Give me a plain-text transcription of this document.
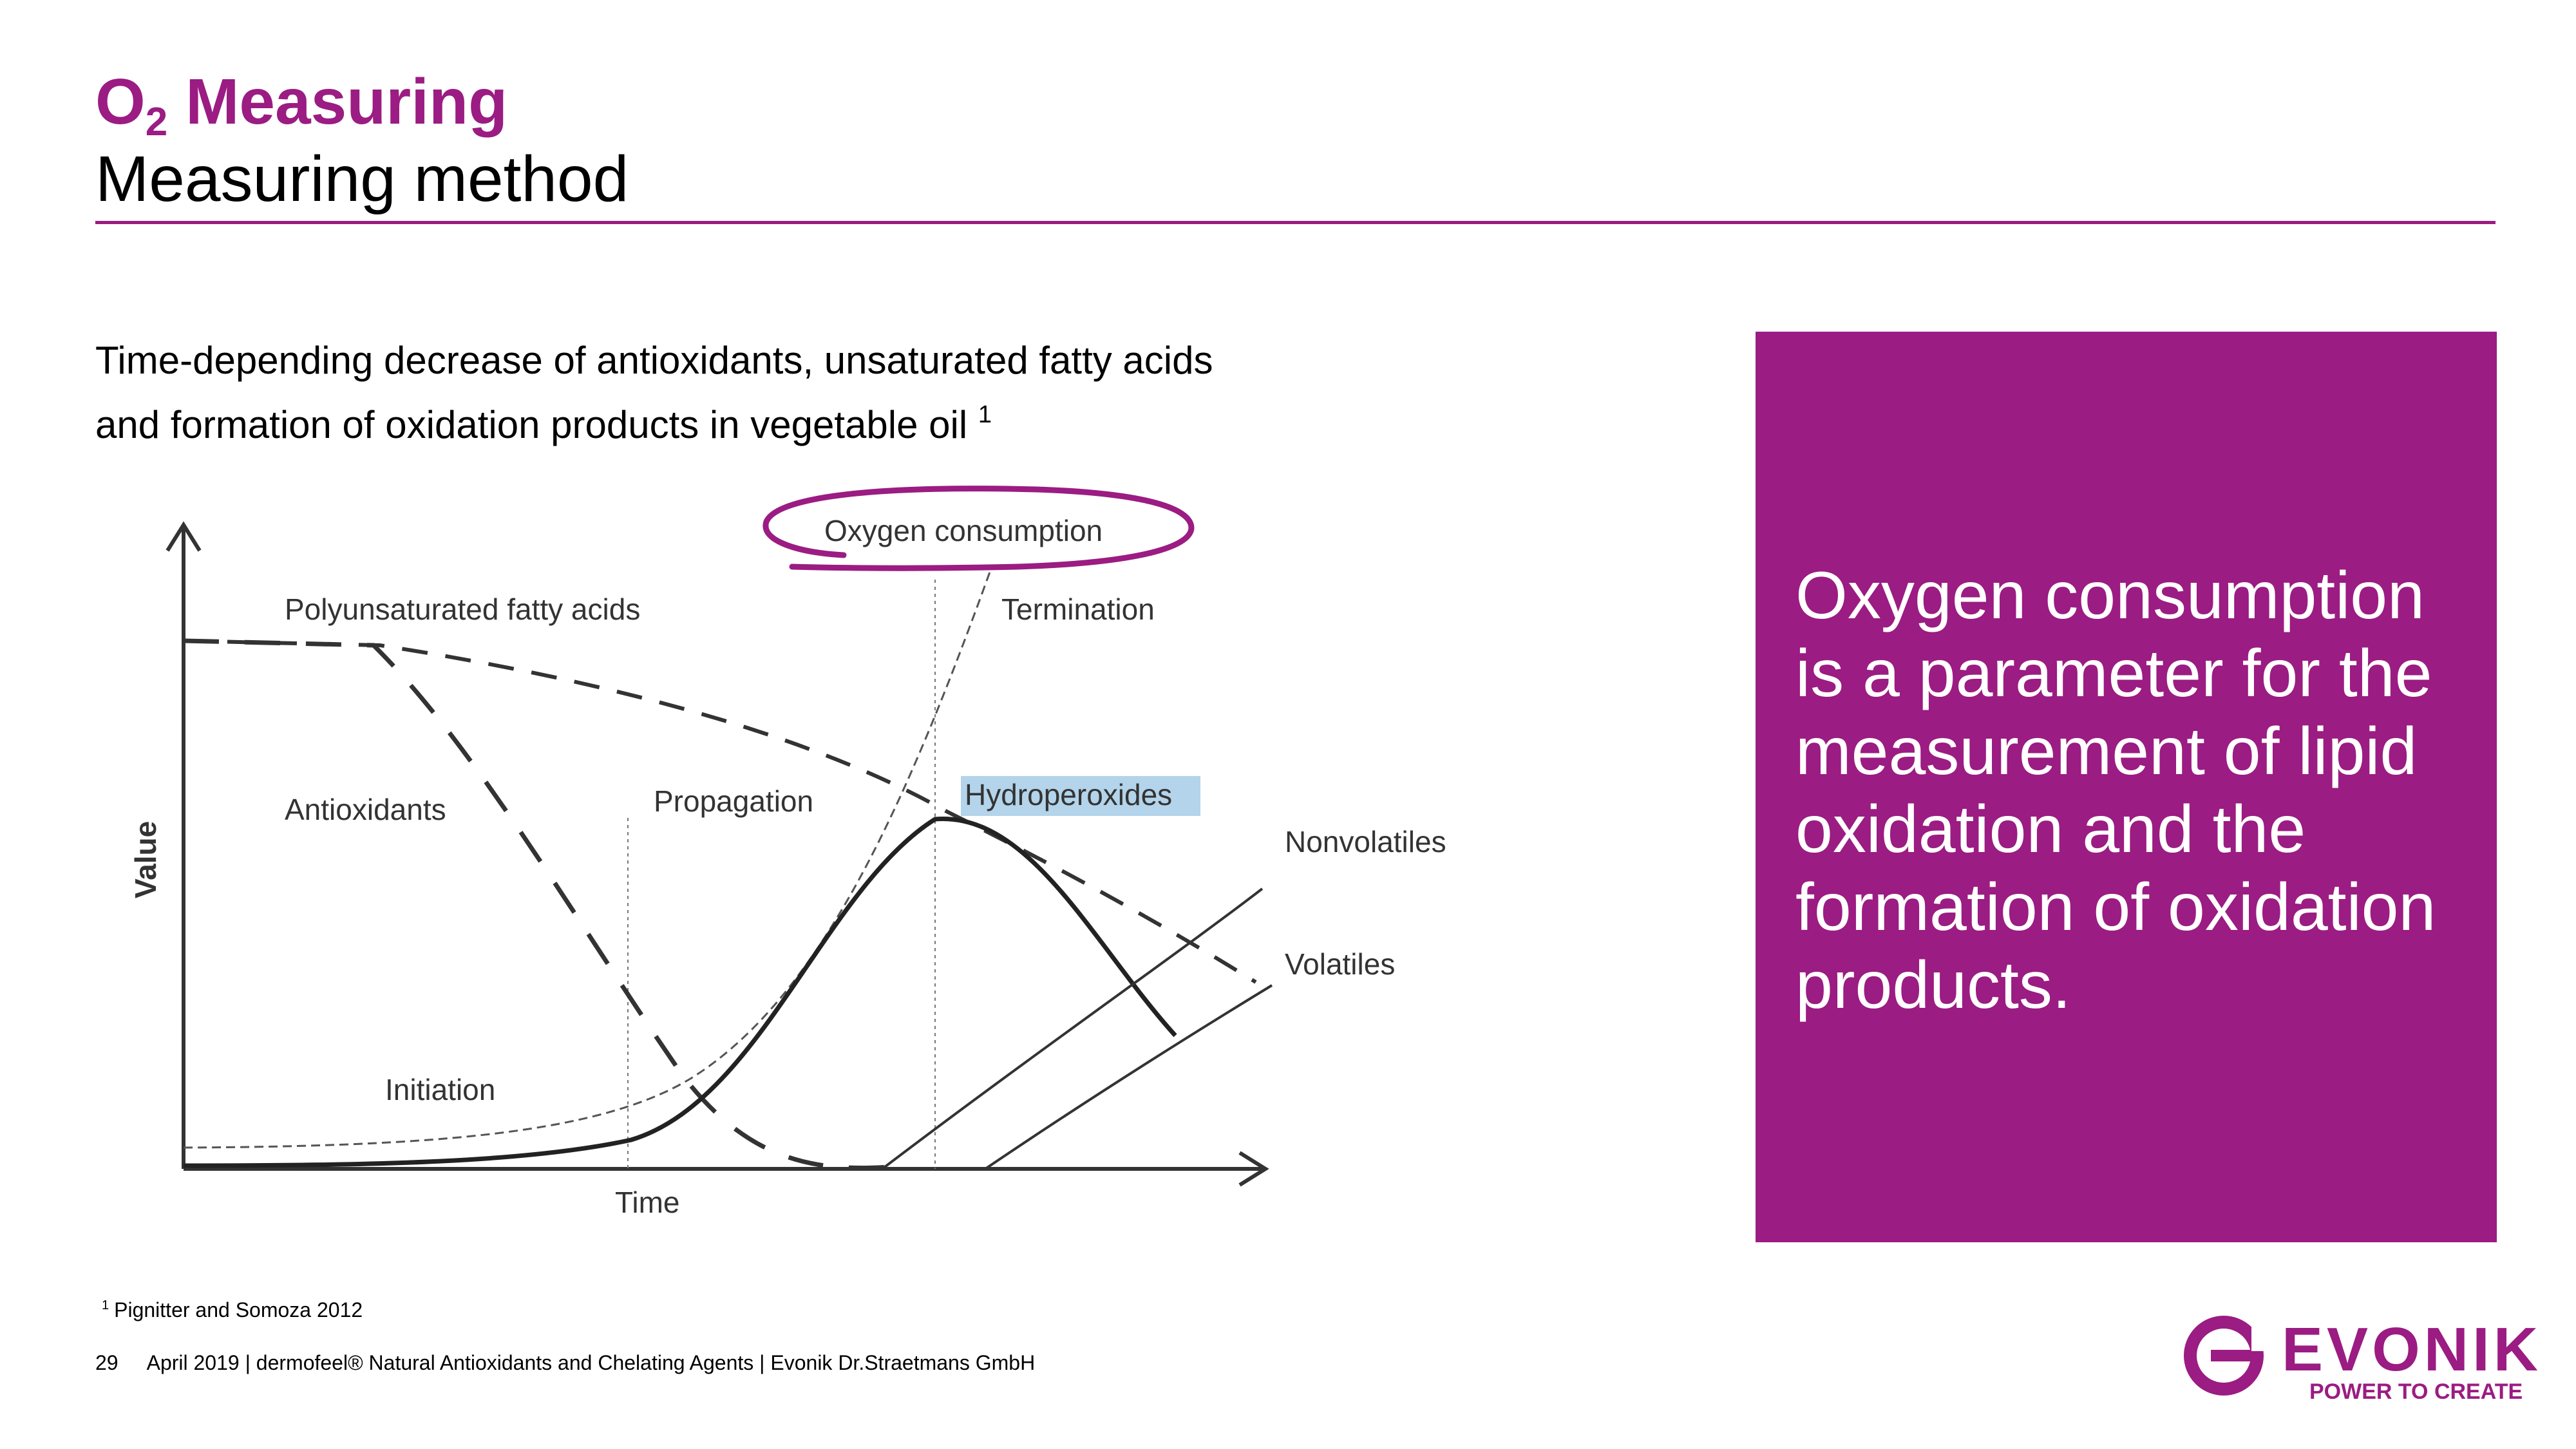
$O_2$ Measuring
Measuring method
Time-depending decrease of antioxidants, unsaturated fatty acids
and formation of oxidation products in vegetable oil $^1$
Oxygen consumption
Polyunsaturated fatty acids	Termination
Antioxidants	Propagation	Hydroperoxides
Nonvolatiles
Volatiles
Initiation
Time
Value
Oxygen consumption is a parameter for the measurement of lipid oxidation and the formation of oxidation products.
$^1$ Pignitter and Somoza 2012
29 April 2019 | dermofeel® Natural Antioxidants and Chelating Agents | Evonik Dr.Straetmans GmbH	EVONIK
POWER TO CREATE
